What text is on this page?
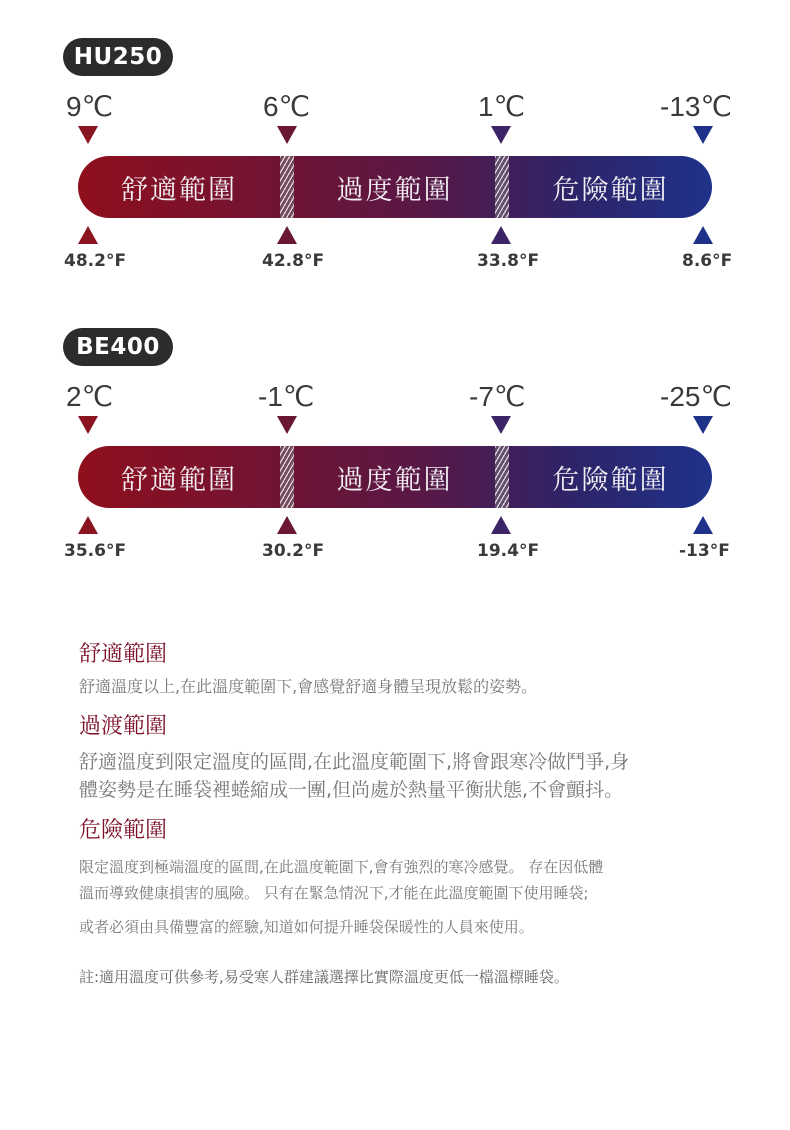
HU250
9℃	6℃	1℃	-13℃
舒適範圍	過度範圍	危險範圍
48.2°F	42.8°F	33.8°F	8.6°F
BE400
2℃	-1℃	-7℃	-25℃
舒適範圍	過度範圍	危險範圍
35.6°F	30.2°F	19.4°F	-13°F
舒適範圍

舒適溫度以上,在此溫度範圍下,會感覺舒適身體呈現放鬆的姿勢。

過渡範圍

舒適溫度到限定溫度的區間,在此溫度範圍下,將會跟寒冷做鬥爭,身

體姿勢是在睡袋裡蜷縮成一團,但尚處於熱量平衡狀態,不會顫抖。

危險範圍

限定溫度到極端溫度的區間,在此溫度範圍下,會有強烈的寒冷感覺。 存在因低體

溫而導致健康損害的風險。 只有在緊急情況下,才能在此溫度範圍下使用睡袋;

或者必須由具備豐富的經驗,知道如何提升睡袋保暖性的人員來使用。

註:適用溫度可供參考,易受寒人群建議選擇比實際溫度更低一檔溫標睡袋。
